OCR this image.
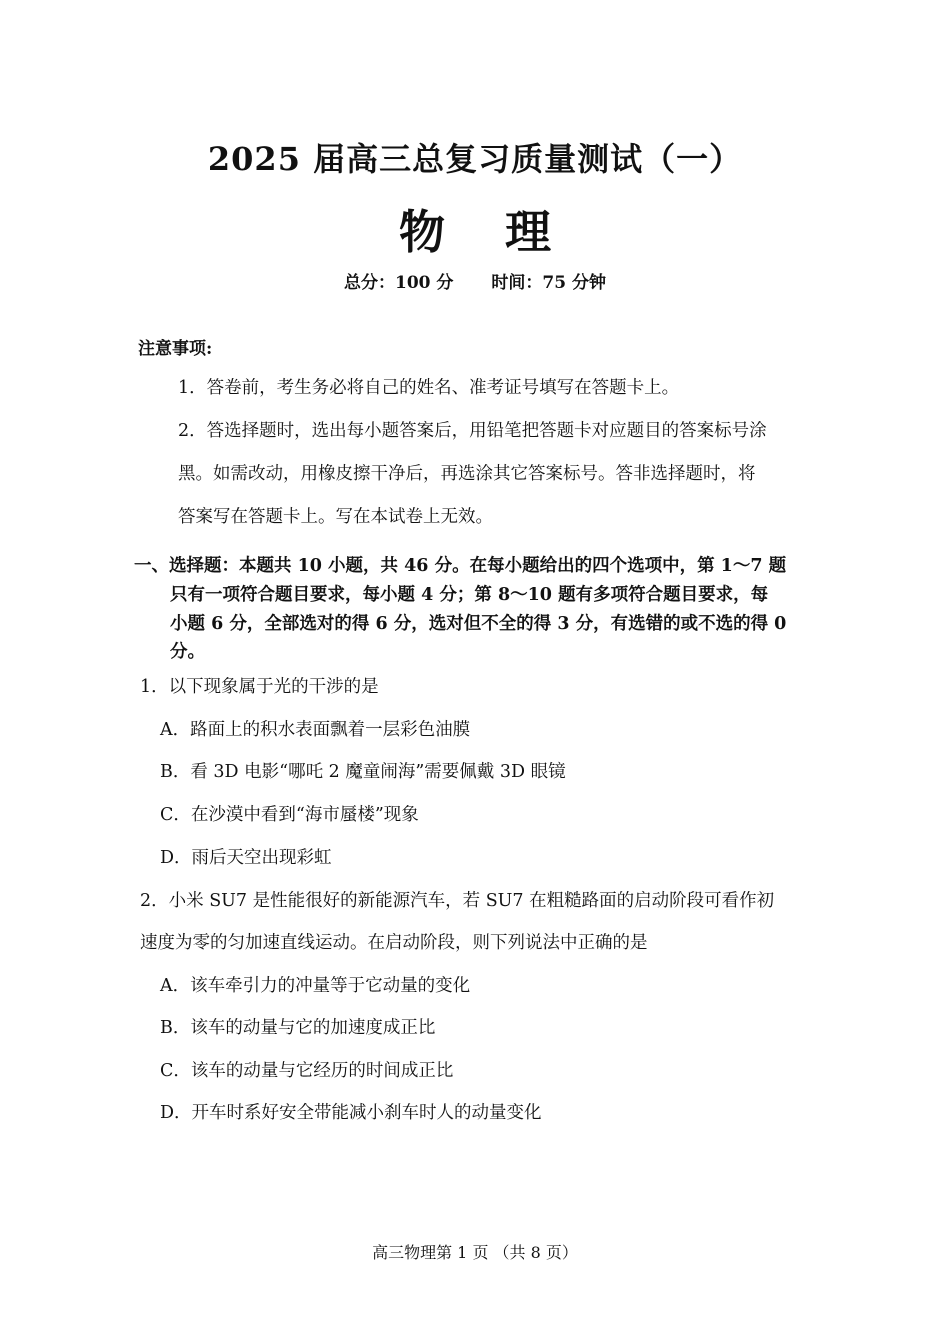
2025 届高三总复习质量测试（一）
物 理
总分：100 分 时间：75 分钟
注意事项:
1．答卷前，考生务必将自己的姓名、准考证号填写在答题卡上。
2．答选择题时，选出每小题答案后，用铅笔把答题卡对应题目的答案标号涂
黑。如需改动，用橡皮擦干净后，再选涂其它答案标号。答非选择题时，将
答案写在答题卡上。写在本试卷上无效。
一、选择题：本题共 10 小题，共 46 分。在每小题给出的四个选项中，第 1～7 题
只有一项符合题目要求，每小题 4 分；第 8～10 题有多项符合题目要求，每
小题 6 分，全部选对的得 6 分，选对但不全的得 3 分，有选错的或不选的得 0
分。
1．以下现象属于光的干涉的是
A．路面上的积水表面飘着一层彩色油膜
B．看 3D 电影“哪吒 2 魔童闹海”需要佩戴 3D 眼镜
C．在沙漠中看到“海市蜃楼”现象
D．雨后天空出现彩虹
2．小米 SU7 是性能很好的新能源汽车，若 SU7 在粗糙路面的启动阶段可看作初
速度为零的匀加速直线运动。在启动阶段，则下列说法中正确的是
A．该车牵引力的冲量等于它动量的变化
B．该车的动量与它的加速度成正比
C．该车的动量与它经历的时间成正比
D．开车时系好安全带能减小刹车时人的动量变化
高三物理第 1 页 （共 8 页）
